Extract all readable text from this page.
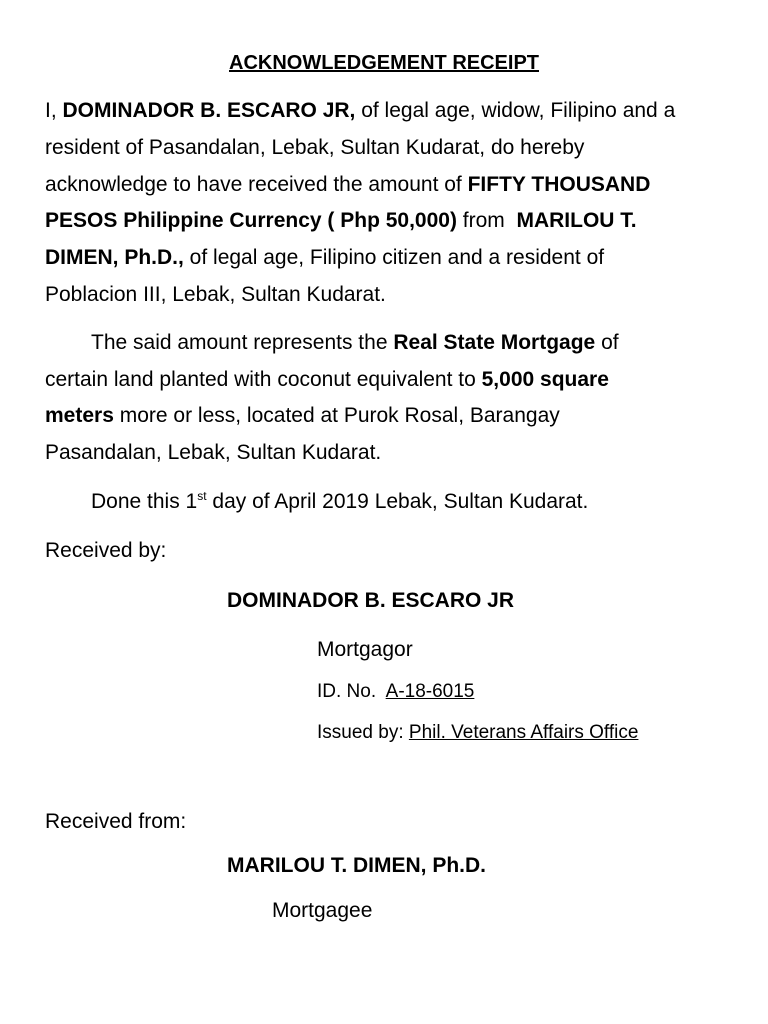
ACKNOWLEDGEMENT RECEIPT
I, DOMINADOR B. ESCARO JR, of legal age, widow, Filipino and a
resident of Pasandalan, Lebak, Sultan Kudarat, do hereby
acknowledge to have received the amount of FIFTY THOUSAND
PESOS Philippine Currency ( Php 50,000) from  MARILOU T.
DIMEN, Ph.D., of legal age, Filipino citizen and a resident of
Poblacion III, Lebak, Sultan Kudarat.
The said amount represents the Real State Mortgage of
certain land planted with coconut equivalent to 5,000 square
meters more or less, located at Purok Rosal, Barangay
Pasandalan, Lebak, Sultan Kudarat.
Done this 1st day of April 2019 Lebak, Sultan Kudarat.
Received by:
DOMINADOR B. ESCARO JR
Mortgagor
ID. No.  A-18-6015
Issued by: Phil. Veterans Affairs Office
Received from:
MARILOU T. DIMEN, Ph.D.
Mortgagee
